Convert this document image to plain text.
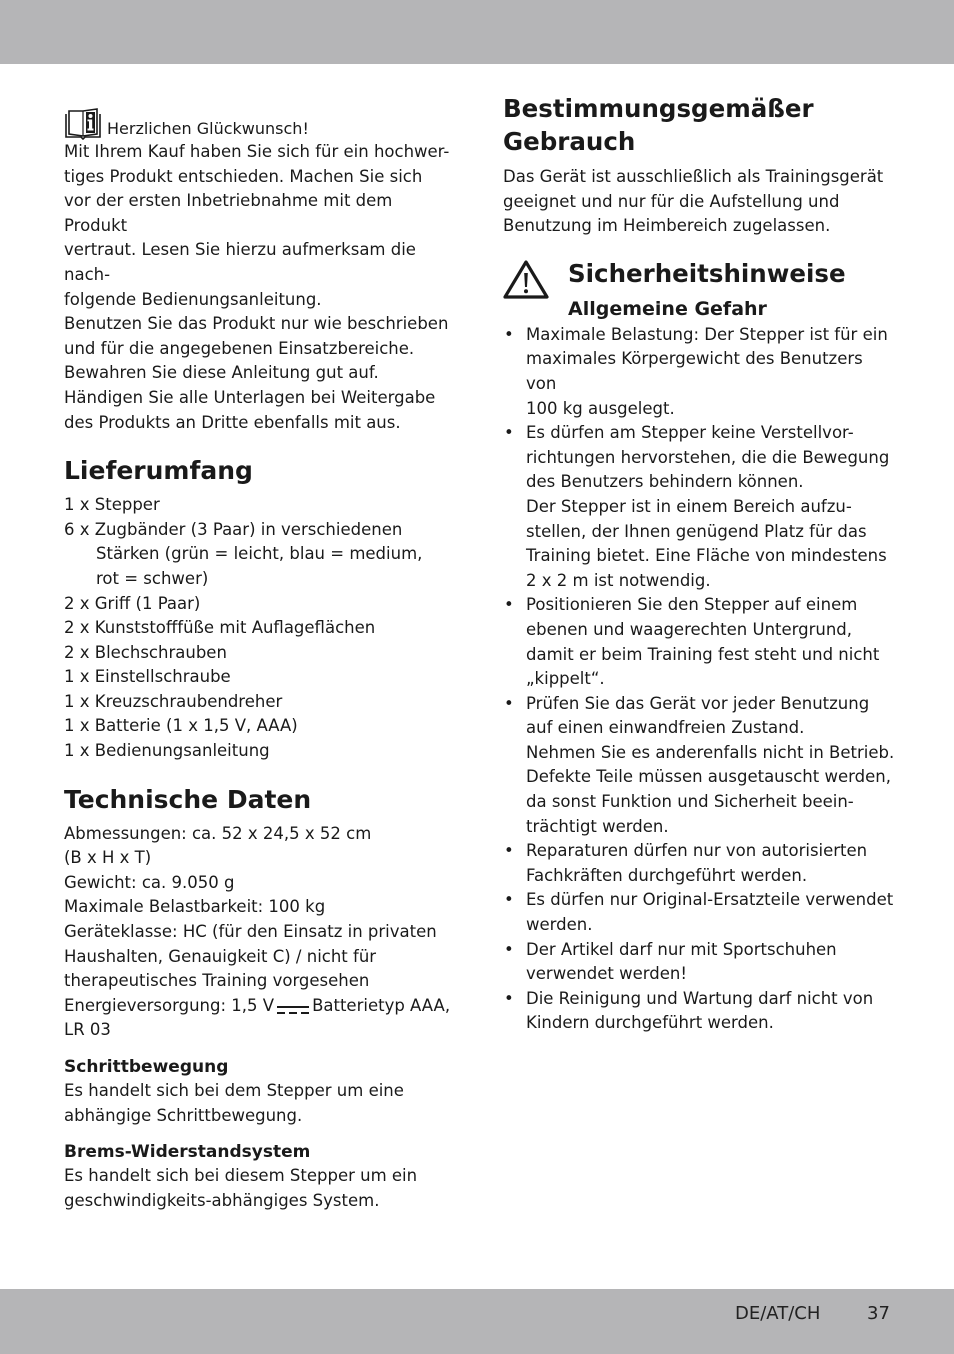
Herzlichen Glückwunsch!

Mit Ihrem Kauf haben Sie sich für ein hochwer-

tiges Produkt entschieden. Machen Sie sich

vor der ersten Inbetriebnahme mit dem Produkt

vertraut. Lesen Sie hierzu aufmerksam die nach-

folgende Bedienungsanleitung.

Benutzen Sie das Produkt nur wie beschrieben

und für die angegebenen Einsatzbereiche.

Bewahren Sie diese Anleitung gut auf.

Händigen Sie alle Unterlagen bei Weitergabe

des Produkts an Dritte ebenfalls mit aus.

Lieferumfang

1 x Stepper

6 x Zugbänder (3 Paar) in verschiedenen

Stärken (grün = leicht, blau = medium,

rot = schwer)

2 x Griff (1 Paar)

2 x Kunststofffüße mit Auflageflächen

2 x Blechschrauben

1 x Einstellschraube

1 x Kreuzschraubendreher

1 x Batterie (1 x 1,5 V, AAA)

1 x Bedienungsanleitung

Technische Daten

Abmessungen: ca. 52 x 24,5 x 52 cm

(B x H x T)

Gewicht: ca. 9.050 g

Maximale Belastbarkeit: 100 kg

Geräteklasse: HC (für den Einsatz in privaten

Haushalten, Genauigkeit C) / nicht für

therapeutisches Training vorgesehen

Energieversorgung: 1,5 V Batterietyp AAA,

LR 03

Schrittbewegung

Es handelt sich bei dem Stepper um eine

abhängige Schrittbewegung.

Brems-Widerstandsystem

Es handelt sich bei diesem Stepper um ein

geschwindigkeits-abhängiges System.

Bestimmungsgemäßer

Gebrauch

Das Gerät ist ausschließlich als Trainingsgerät

geeignet und nur für die Aufstellung und

Benutzung im Heimbereich zugelassen.

Sicherheitshinweise
Allgemeine Gefahr

• Maximale Belastung: Der Stepper ist für ein

maximales Körpergewicht des Benutzers von

100 kg ausgelegt.

• Es dürfen am Stepper keine Verstellvor-

richtungen hervorstehen, die die Bewegung

des Benutzers behindern können.

Der Stepper ist in einem Bereich aufzu-

stellen, der Ihnen genügend Platz für das

Training bietet. Eine Fläche von mindestens

2 x 2 m ist notwendig.

• Positionieren Sie den Stepper auf einem

ebenen und waagerechten Untergrund,

damit er beim Training fest steht und nicht

„kippelt“.

• Prüfen Sie das Gerät vor jeder Benutzung

auf einen einwandfreien Zustand.

Nehmen Sie es anderenfalls nicht in Betrieb.

Defekte Teile müssen ausgetauscht werden,

da sonst Funktion und Sicherheit beein-

trächtigt werden.

• Reparaturen dürfen nur von autorisierten

Fachkräften durchgeführt werden.

• Es dürfen nur Original-Ersatzteile verwendet

werden.

• Der Artikel darf nur mit Sportschuhen

verwendet werden!

• Die Reinigung und Wartung darf nicht von

Kindern durchgeführt werden.

DE/AT/CH	37
